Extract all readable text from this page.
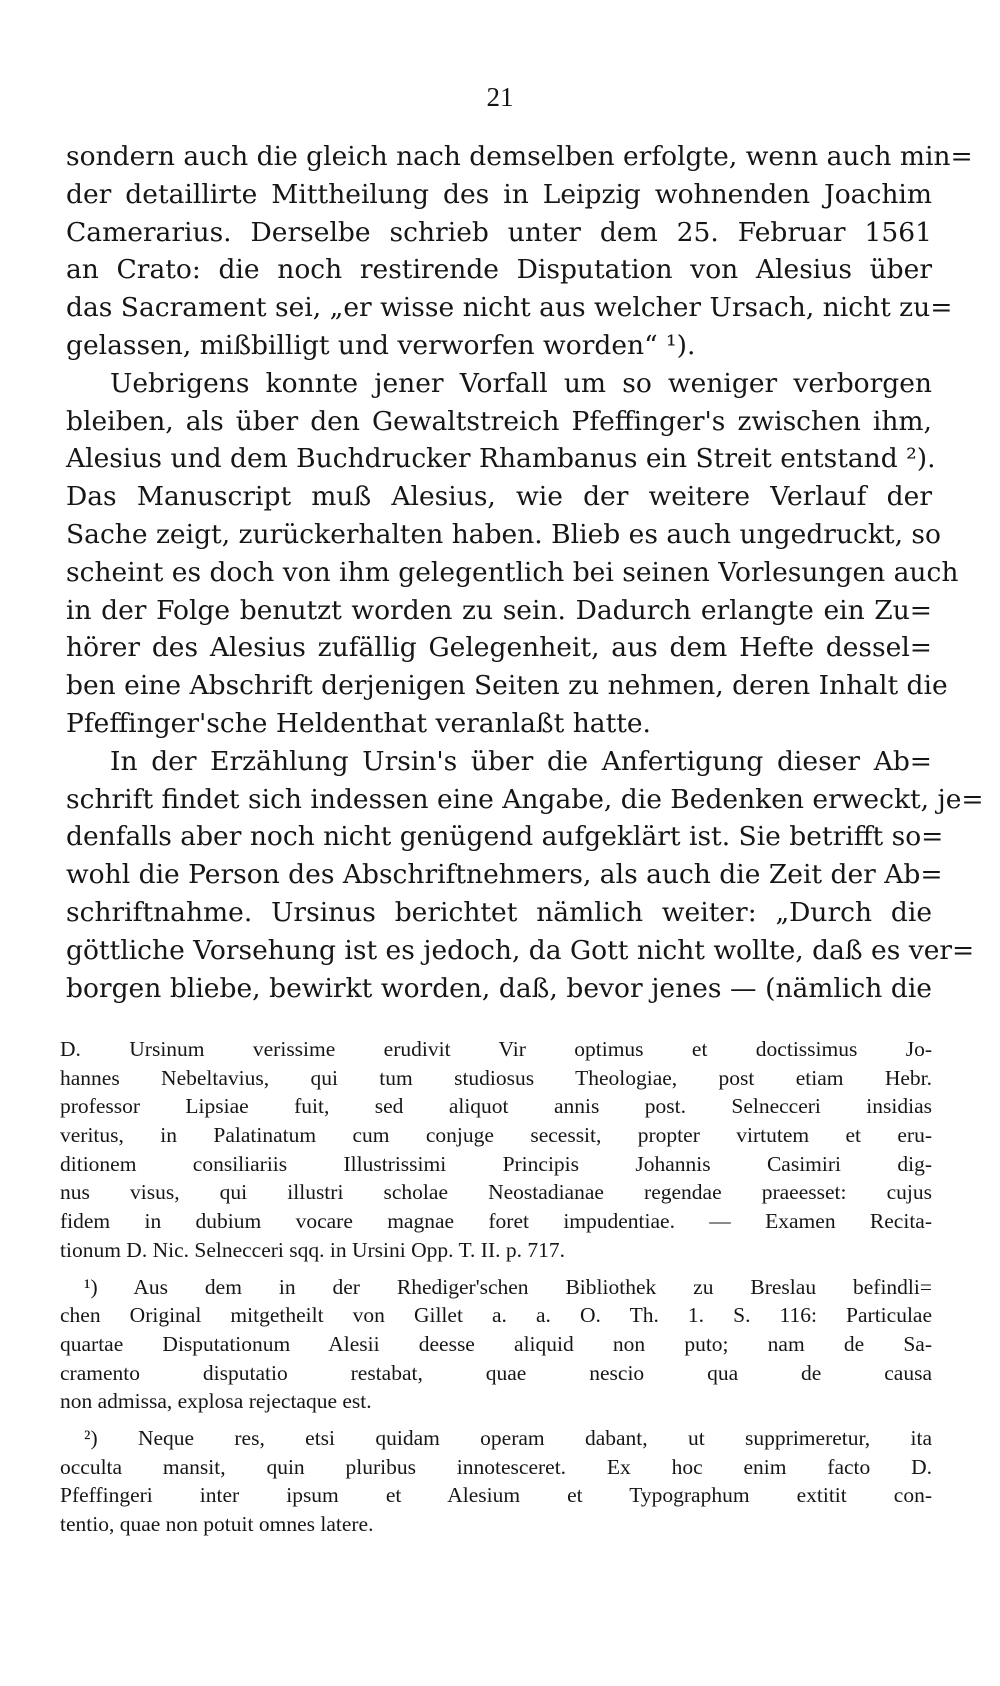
21
sondern auch die gleich nach demselben erfolgte, wenn auch min=
der detaillirte Mittheilung des in Leipzig wohnenden Joachim
Camerarius. Derselbe schrieb unter dem 25. Februar 1561
an Crato: die noch restirende Disputation von Alesius über
das Sacrament sei, „er wisse nicht aus welcher Ursach, nicht zu=
gelassen, mißbilligt und verworfen worden“ ¹).
Uebrigens konnte jener Vorfall um so weniger verborgen
bleiben, als über den Gewaltstreich Pfeffinger's zwischen ihm,
Alesius und dem Buchdrucker Rhambanus ein Streit entstand ²).
Das Manuscript muß Alesius, wie der weitere Verlauf der
Sache zeigt, zurückerhalten haben. Blieb es auch ungedruckt, so
scheint es doch von ihm gelegentlich bei seinen Vorlesungen auch
in der Folge benutzt worden zu sein. Dadurch erlangte ein Zu=
hörer des Alesius zufällig Gelegenheit, aus dem Hefte dessel=
ben eine Abschrift derjenigen Seiten zu nehmen, deren Inhalt die
Pfeffinger'sche Heldenthat veranlaßt hatte.
In der Erzählung Ursin's über die Anfertigung dieser Ab=
schrift findet sich indessen eine Angabe, die Bedenken erweckt, je=
denfalls aber noch nicht genügend aufgeklärt ist. Sie betrifft so=
wohl die Person des Abschriftnehmers, als auch die Zeit der Ab=
schriftnahme. Ursinus berichtet nämlich weiter: „Durch die
göttliche Vorsehung ist es jedoch, da Gott nicht wollte, daß es ver=
borgen bliebe, bewirkt worden, daß, bevor jenes — (nämlich die
D. Ursinum verissime erudivit Vir optimus et doctissimus Jo-
hannes Nebeltavius, qui tum studiosus Theologiae, post etiam Hebr.
professor Lipsiae fuit, sed aliquot annis post. Selnecceri insidias
veritus, in Palatinatum cum conjuge secessit, propter virtutem et eru-
ditionem consiliariis Illustrissimi Principis Johannis Casimiri dig-
nus visus, qui illustri scholae Neostadianae regendae praeesset: cujus
fidem in dubium vocare magnae foret impudentiae. — Examen Recita-
tionum D. Nic. Selnecceri sqq. in Ursini Opp. T. II. p. 717.
¹) Aus dem in der Rhediger'schen Bibliothek zu Breslau befindli=
chen Original mitgetheilt von Gillet a. a. O. Th. 1. S. 116: Particulae
quartae Disputationum Alesii deesse aliquid non puto; nam de Sa-
cramento disputatio restabat, quae nescio qua de causa
non admissa, explosa rejectaque est.
²) Neque res, etsi quidam operam dabant, ut supprimeretur, ita
occulta mansit, quin pluribus innotesceret. Ex hoc enim facto D.
Pfeffingeri inter ipsum et Alesium et Typographum extitit con-
tentio, quae non potuit omnes latere.
